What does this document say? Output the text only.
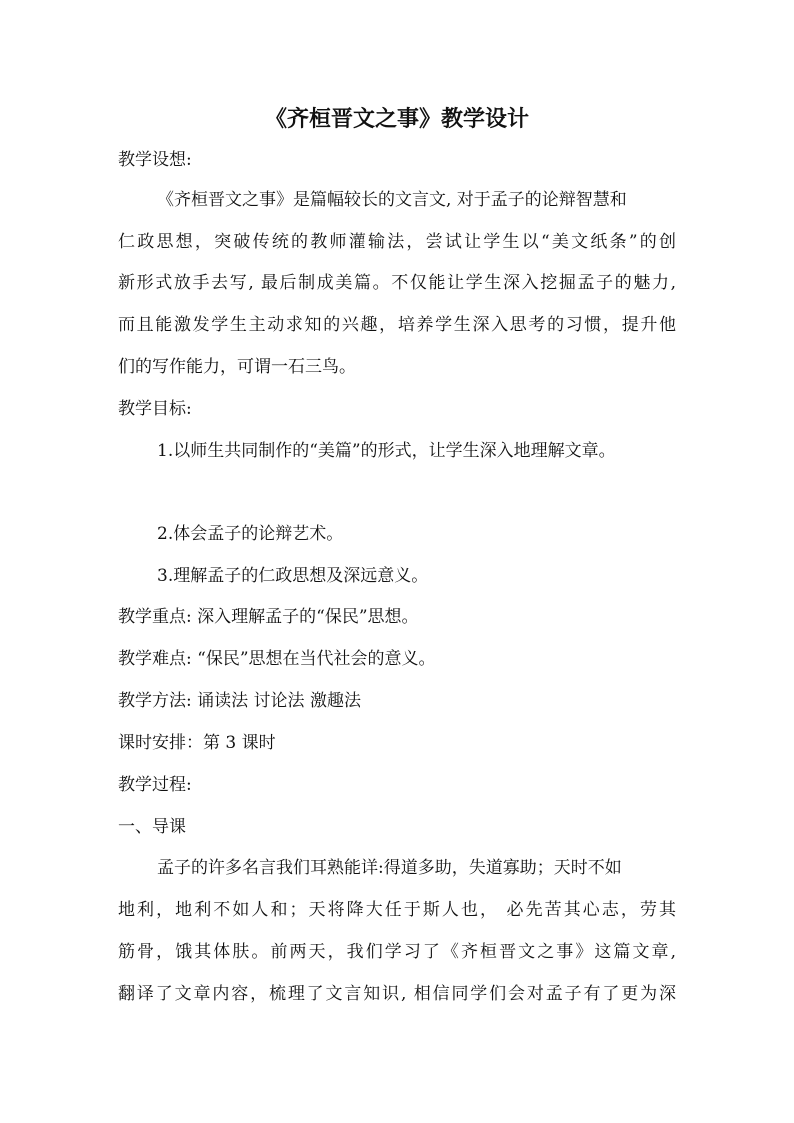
《齐桓晋文之事》教学设计
教学设想:
《齐桓晋文之事》是篇幅较长的文言文, 对于孟子的论辩智慧和
仁政思想，突破传统的教师灌输法，尝试让学生以“美文纸条”的创
新形式放手去写, 最后制成美篇。不仅能让学生深入挖掘孟子的魅力,
而且能激发学生主动求知的兴趣，培养学生深入思考的习惯，提升他
们的写作能力，可谓一石三鸟。
教学目标:
1.以师生共同制作的“美篇”的形式，让学生深入地理解文章。
2.体会孟子的论辩艺术。
3.理解孟子的仁政思想及深远意义。
教学重点: 深入理解孟子的“保民”思想。
教学难点: “保民”思想在当代社会的意义。
教学方法: 诵读法 讨论法 激趣法
课时安排：第 3 课时
教学过程:
一、导课
孟子的许多名言我们耳熟能详:得道多助，失道寡助；天时不如
地利，地利不如人和；天将降大任于斯人也， 必先苦其心志，劳其
筋骨，饿其体肤。前两天，我们学习了《齐桓晋文之事》这篇文章,
翻译了文章内容，梳理了文言知识, 相信同学们会对孟子有了更为深
